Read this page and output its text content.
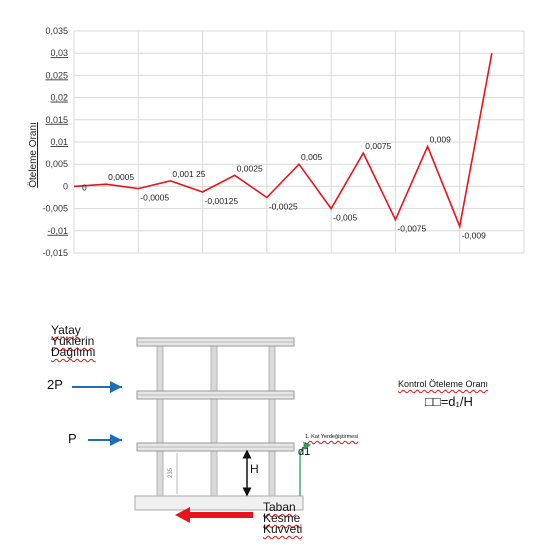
0,035
0,03
0,025
0,02
0,015
0,01
0,005
0
-0,005
-0,01
-0,015
Öteleme Oranı	0
0,0005
-0,0005
0,001 25
-0,00125
0,0025
-0,0025
0,005
-0,005
0,0075
-0,0075
0,009
-0,009
Yatay
Yüklerin
Dağılımı
2P
P
H
d1
1. Kat Yerdeğiştirmesi
235
Kontrol Öteleme Oranı
□□=d₁/H
Taban
Kesme
Kuvveti
